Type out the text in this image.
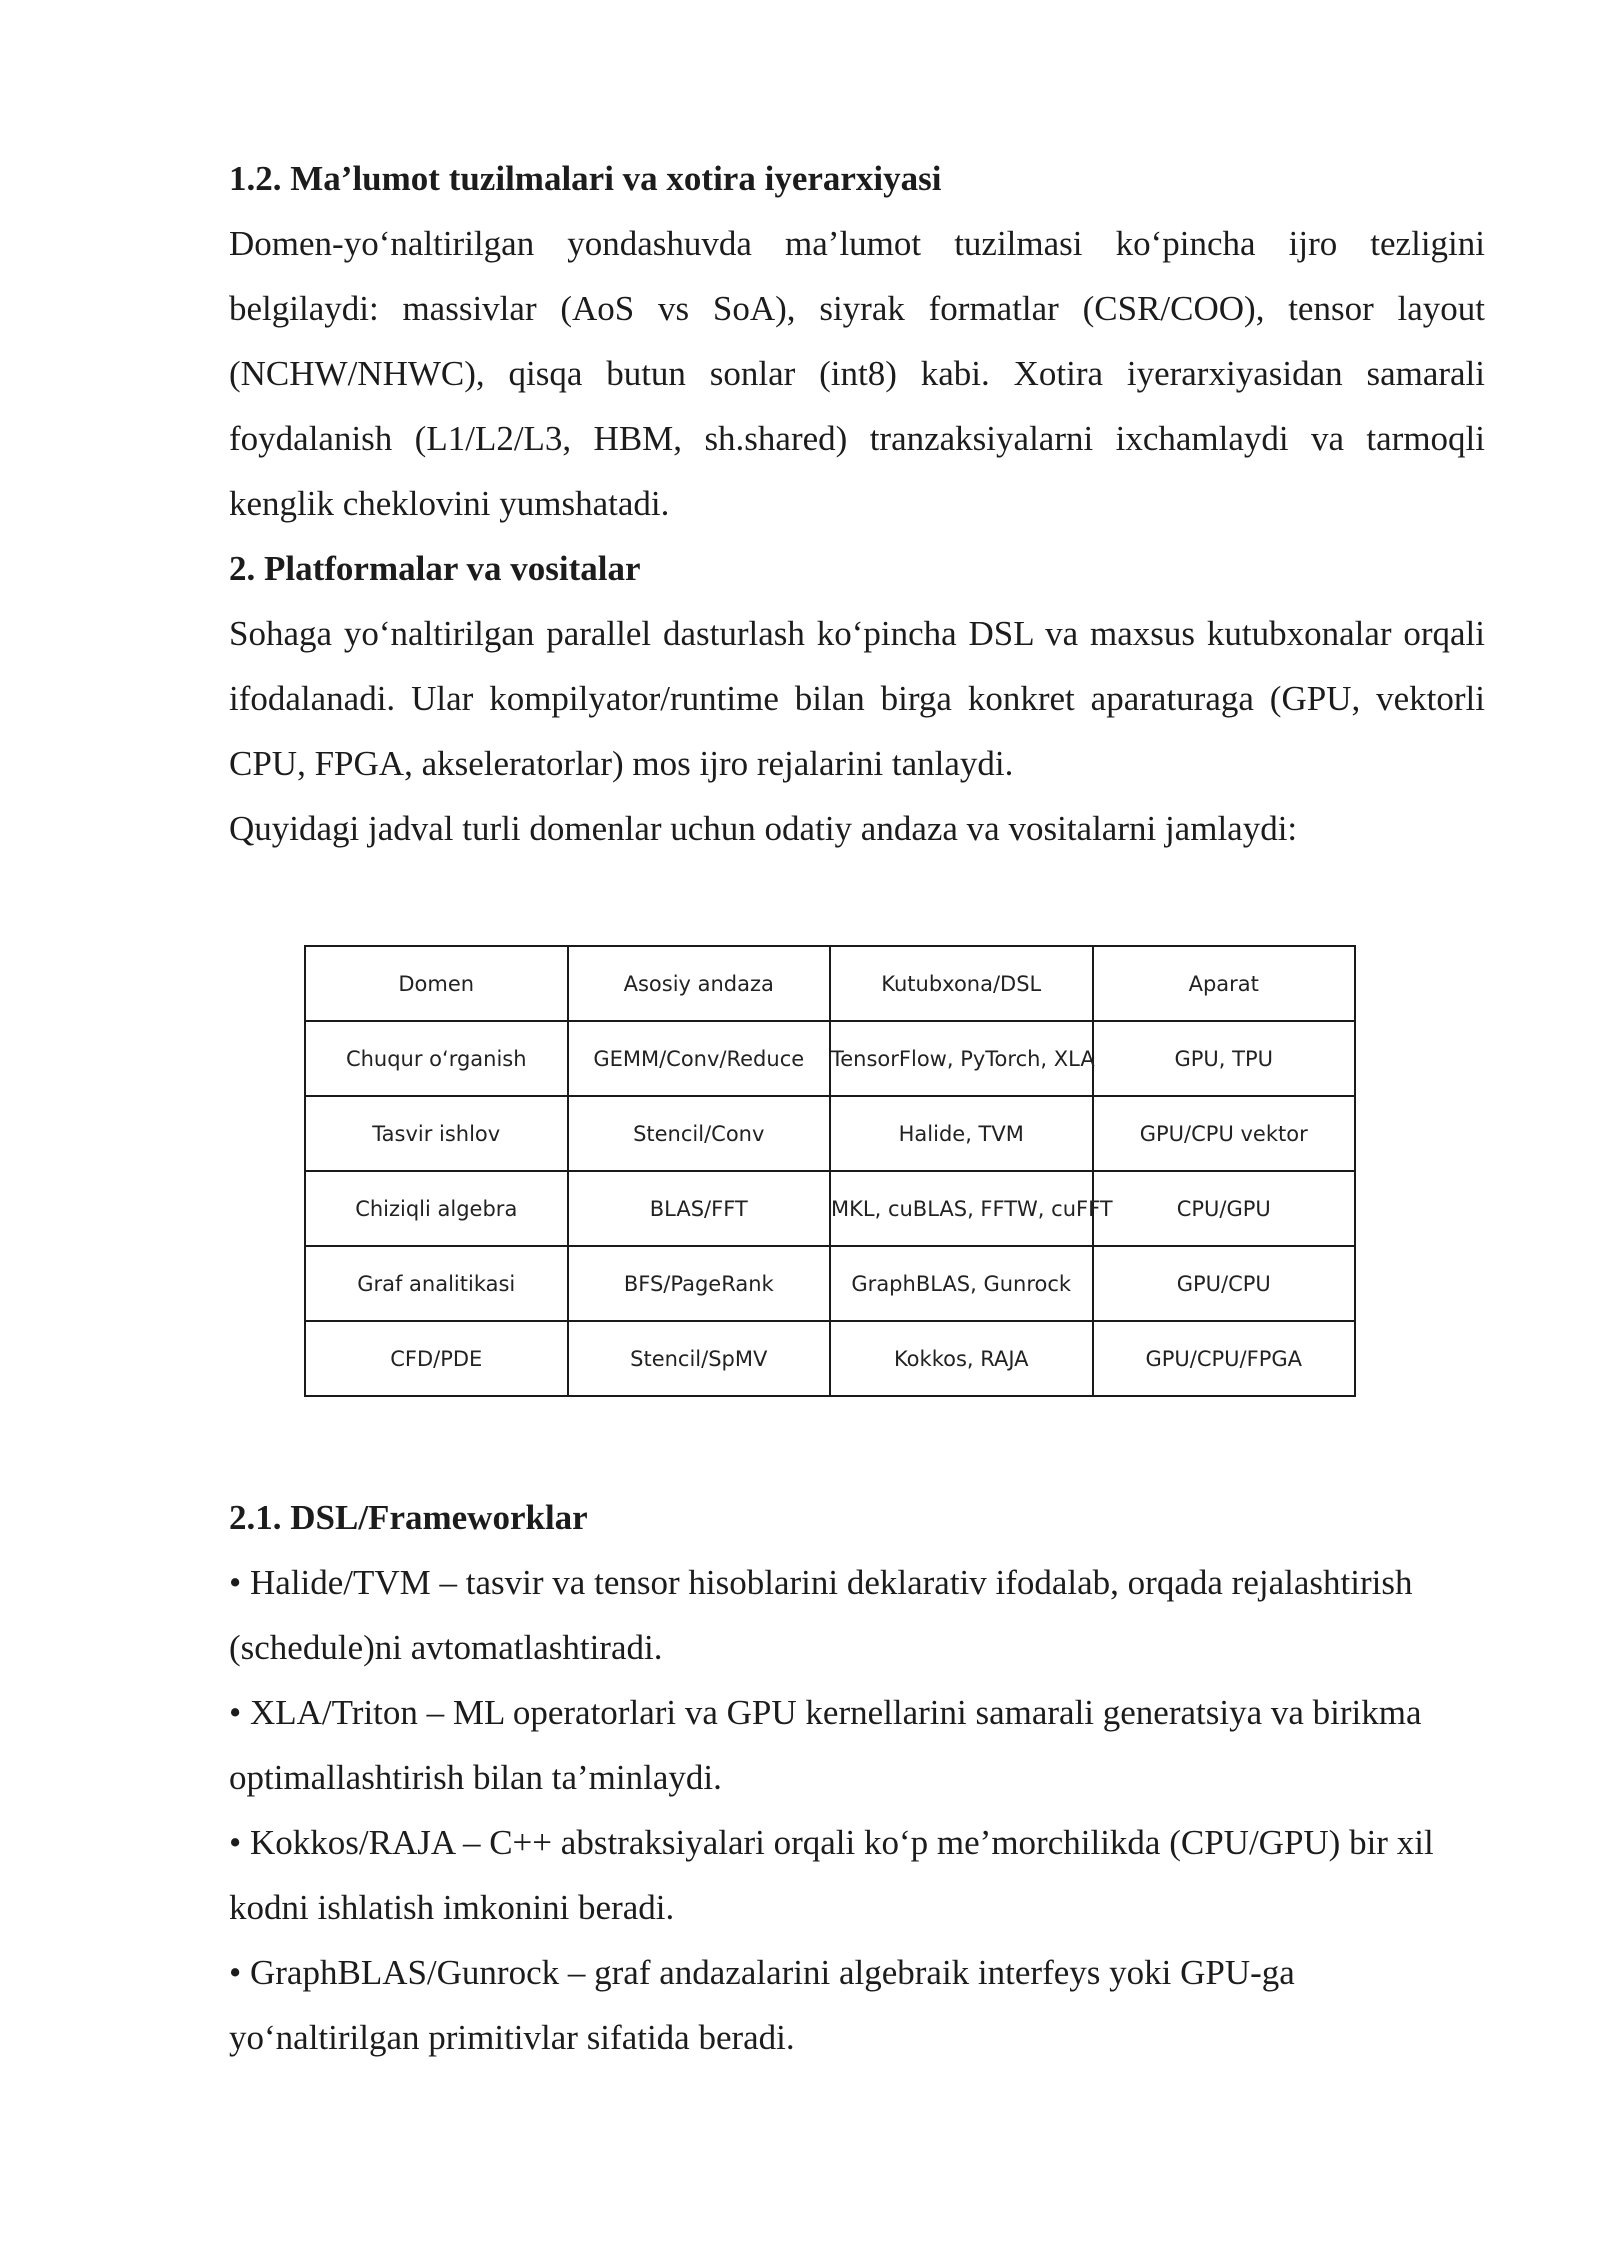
1.2. Ma’lumot tuzilmalari va xotira iyerarxiyasi

Domen-yo‘naltirilgan yondashuvda ma’lumot tuzilmasi ko‘pincha ijro tezligini belgilaydi: massivlar (AoS vs SoA), siyrak formatlar (CSR/COO), tensor layout (NCHW/NHWC), qisqa butun sonlar (int8) kabi. Xotira iyerarxiyasidan samarali foydalanish (L1/L2/L3, HBM, sh.shared) tranzaksiyalarni ixchamlaydi va tarmoqli kenglik cheklovini yumshatadi.

2. Platformalar va vositalar

Sohaga yo‘naltirilgan parallel dasturlash ko‘pincha DSL va maxsus kutubxonalar orqali ifodalanadi. Ular kompilyator/runtime bilan birga konkret aparaturaga (GPU, vektorli CPU, FPGA, akseleratorlar) mos ijro rejalarini tanlaydi.

Quyidagi jadval turli domenlar uchun odatiy andaza va vositalarni jamlaydi:

Domen	Asosiy andaza	Kutubxona/DSL	Aparat
Chuqur o‘rganish	GEMM/Conv/Reduce	TensorFlow, PyTorch, XLA	GPU, TPU
Tasvir ishlov	Stencil/Conv	Halide, TVM	GPU/CPU vektor
Chiziqli algebra	BLAS/FFT	MKL, cuBLAS, FFTW, cuFFT	CPU/GPU
Graf analitikasi	BFS/PageRank	GraphBLAS, Gunrock	GPU/CPU
CFD/PDE	Stencil/SpMV	Kokkos, RAJA	GPU/CPU/FPGA
2.1. DSL/Frameworklar

• Halide/TVM – tasvir va tensor hisoblarini deklarativ ifodalab, orqada rejalashtirish (schedule)ni avtomatlashtiradi.

• XLA/Triton – ML operatorlari va GPU kernellarini samarali generatsiya va birikma optimallashtirish bilan ta’minlaydi.

• Kokkos/RAJA – C++ abstraksiyalari orqali ko‘p me’morchilikda (CPU/GPU) bir xil kodni ishlatish imkonini beradi.

• GraphBLAS/Gunrock – graf andazalarini algebraik interfeys yoki GPU-ga yo‘naltirilgan primitivlar sifatida beradi.
